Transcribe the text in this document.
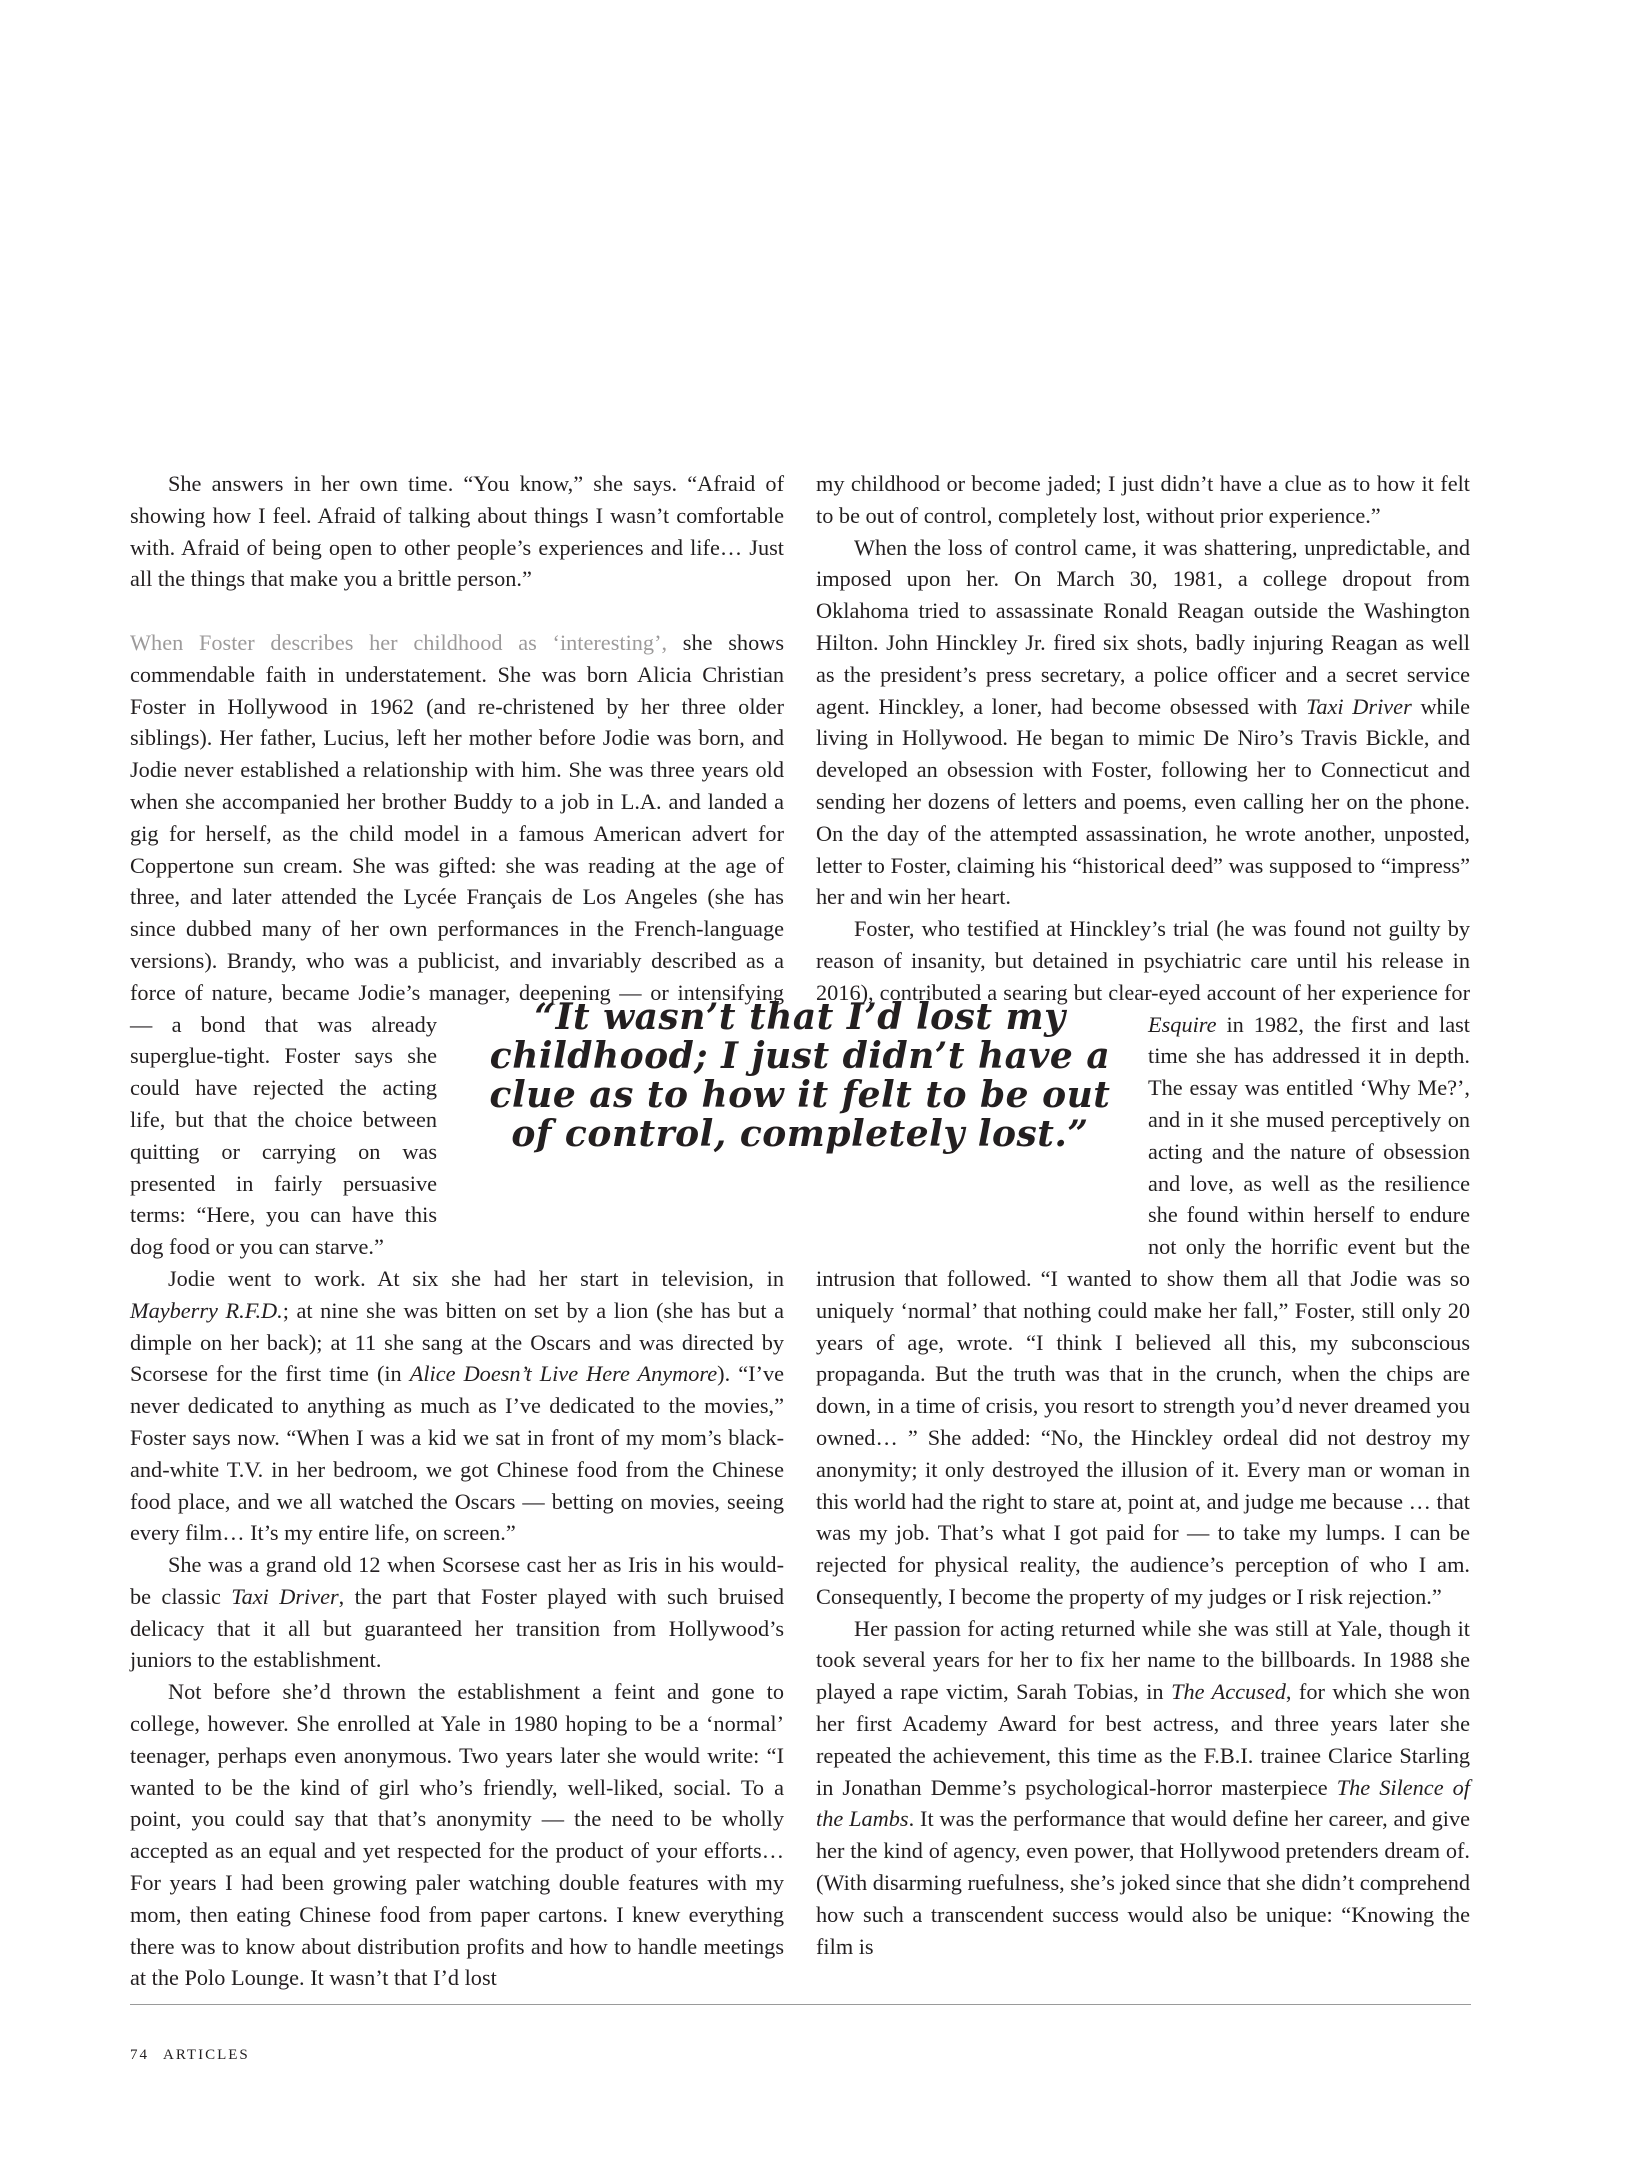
She answers in her own time. “You know,” she says. “Afraid of showing how I feel. Afraid of talking about things I wasn’t comfortable with. Afraid of being open to other people’s experiences and life… Just all the things that make you a brittle person.”

When Foster describes her childhood as ‘interesting’, she shows commendable faith in understatement. She was born Alicia Christian Foster in Hollywood in 1962 (and re-christened by her three older siblings). Her father, Lucius, left her mother before Jodie was born, and Jodie never established a relationship with him. She was three years old when she accompanied her brother Buddy to a job in L.A. and landed a gig for herself, as the child model in a famous American advert for Coppertone sun cream. She was gifted: she was reading at the age of three, and later attended the Lycée Français de Los Angeles (she has since dubbed many of her own performances in the French-language versions). Brandy, who was a publicist, and invariably described as a force of nature, became Jodie’s manager, deepening — or intensifying —
a bond that was already superglue-tight. Foster says she could have rejected the acting life, but that the choice between quitting or carrying on was presented in fairly persuasive terms: “Here, you can have this dog food or you can starve.”

Jodie went to work. At six she had her start in television, in Mayberry R.F.D.; at nine she was bitten on set by a lion (she has but a dimple on her back); at 11 she sang at the Oscars and was directed by Scorsese for the first time (in Alice Doesn’t Live Here Anymore). “I’ve never dedicated to anything as much as I’ve dedicated to the movies,” Foster says now. “When I was a kid we sat in front of my mom’s black-and-white T.V. in her bedroom, we got Chinese food from the Chinese food place, and we all watched the Oscars — betting on movies, seeing every film… It’s my entire life, on screen.”

She was a grand old 12 when Scorsese cast her as Iris in his would-be classic Taxi Driver, the part that Foster played with such bruised delicacy that it all but guaranteed her transition from Hollywood’s juniors to the establishment.

Not before she’d thrown the establishment a feint and gone to college, however. She enrolled at Yale in 1980 hoping to be a ‘normal’ teenager, perhaps even anonymous. Two years later she would write: “I wanted to be the kind of girl who’s friendly, well-liked, social. To a point, you could say that that’s anonymity — the need to be wholly accepted as an equal and yet respected for the product of your efforts… For years I had been growing paler watching double features with my mom, then eating Chinese food from paper cartons. I knew everything there was to know about distribution profits and how to handle meetings at the Polo Lounge. It wasn’t that I’d lost

my childhood or become jaded; I just didn’t have a clue as to how it felt to be out of control, completely lost, without prior experience.”

When the loss of control came, it was shattering, unpredictable, and imposed upon her. On March 30, 1981, a college dropout from Oklahoma tried to assassinate Ronald Reagan outside the Washington Hilton. John Hinckley Jr. fired six shots, badly injuring Reagan as well as the president’s press secretary, a police officer and a secret service agent. Hinckley, a loner, had become obsessed with Taxi Driver while living in Hollywood. He began to mimic De Niro’s Travis Bickle, and developed an obsession with Foster, following her to Connecticut and sending her dozens of letters and poems, even calling her on the phone. On the day of the attempted assassination, he wrote another, unposted, letter to Foster, claiming his “historical deed” was supposed to “impress” her and win her heart.

Foster, who testified at Hinckley’s trial (he was found not guilty by reason of insanity, but detained in psychiatric care until his release in 2016), contributed a searing but clear-eyed account of her experience for Esquire in 1982, the first and last time she has addressed it in depth. The essay was entitled ‘Why Me?’, and in it she mused perceptively on acting and the nature of obsession and love, as well as the resilience she found within herself to endure not only the horrific event but the intrusion that followed. “I wanted to show them all that Jodie was so uniquely ‘normal’ that nothing could make her fall,” Foster, still only 20 years of age, wrote. “I think I believed all this, my subconscious propaganda. But the truth was that in the crunch, when the chips are down, in a time of crisis, you resort to strength you’d never dreamed you owned… ” She added: “No, the Hinckley ordeal did not destroy my anonymity; it only destroyed the illusion of it. Every man or woman in this world had the right to stare at, point at, and judge me because … that was my job. That’s what I got paid for — to take my lumps. I can be rejected for physical reality, the audience’s perception of who I am. Consequently, I become the property of my judges or I risk rejection.”

Her passion for acting returned while she was still at Yale, though it took several years for her to fix her name to the billboards. In 1988 she played a rape victim, Sarah Tobias, in The Accused, for which she won her first Academy Award for best actress, and three years later she repeated the achievement, this time as the F.B.I. trainee Clarice Starling in Jonathan Demme’s psychological-horror masterpiece The Silence of the Lambs. It was the performance that would define her career, and give her the kind of agency, even power, that Hollywood pretenders dream of. (With disarming ruefulness, she’s joked since that she didn’t comprehend how such a transcendent success would also be unique: “Knowing the film is

“It wasn’t that I’d lost my childhood; I just didn’t have a clue as to how it felt to be out of control, completely lost.”
74 ARTICLES
